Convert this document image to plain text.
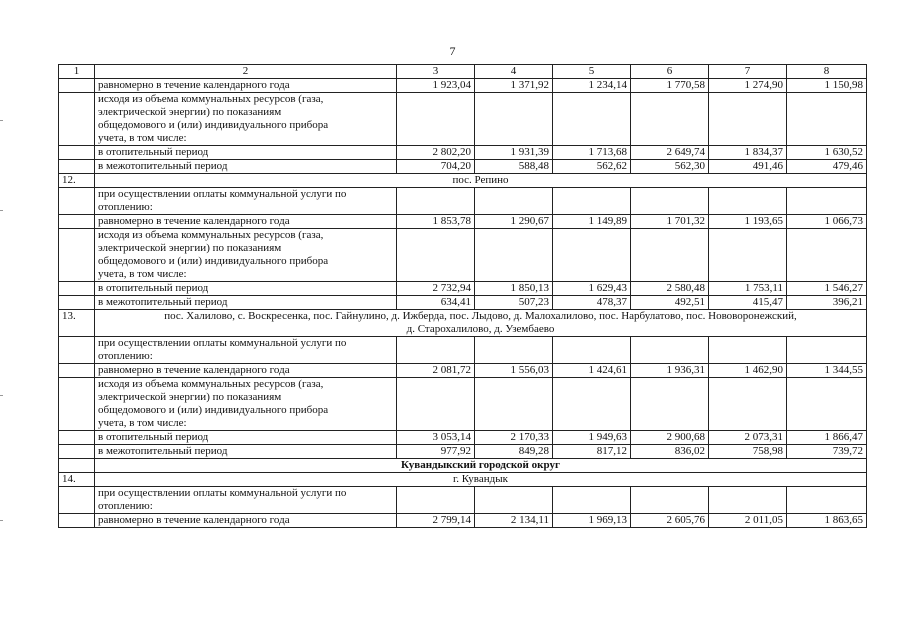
7
1	2	3	4	5	6	7	8
	равномерно в течение календарного года	1 923,04	1 371,92	1 234,14	1 770,58	1 274,90	1 150,98

	исходя из объема коммунальных ресурсов (газа,
электрической энергии) по показаниям
общедомового и (или) индивидуального прибора
учета, в том числе:						

	в отопительный период	2 802,20	1 931,39	1 713,68	2 649,74	1 834,37	1 630,52
	в межотопительный период	704,20	588,48	562,62	562,30	491,46	479,46
12.	пос. Репино						

	при осуществлении оплаты коммунальной услуги по
отоплению:						

	равномерно в течение календарного года	1 853,78	1 290,67	1 149,89	1 701,32	1 193,65	1 066,73

	исходя из объема коммунальных ресурсов (газа,
электрической энергии) по показаниям
общедомового и (или) индивидуального прибора
учета, в том числе:						

	в отопительный период	2 732,94	1 850,13	1 629,43	2 580,48	1 753,11	1 546,27
	в межотопительный период	634,41	507,23	478,37	492,51	415,47	396,21
13.	пос. Халилово, с. Воскресенка, пос. Гайнулино, д. Ижберда, пос. Лыдово, д. Малохалилово, пос. Нарбулатово, пос. Нововоронежский,
д. Старохалилово, д. Узембаево						

	при осуществлении оплаты коммунальной услуги по
отоплению:						

	равномерно в течение календарного года	2 081,72	1 556,03	1 424,61	1 936,31	1 462,90	1 344,55

	исходя из объема коммунальных ресурсов (газа,
электрической энергии) по показаниям
общедомового и (или) индивидуального прибора
учета, в том числе:						

	в отопительный период	3 053,14	2 170,33	1 949,63	2 900,68	2 073,31	1 866,47
	в межотопительный период	977,92	849,28	817,12	836,02	758,98	739,72

	Кувандыкский городской округ						

14.	г. Кувандык						

	при осуществлении оплаты коммунальной услуги по
отоплению:						

	равномерно в течение календарного года	2 799,14	2 134,11	1 969,13	2 605,76	2 011,05	1 863,65
